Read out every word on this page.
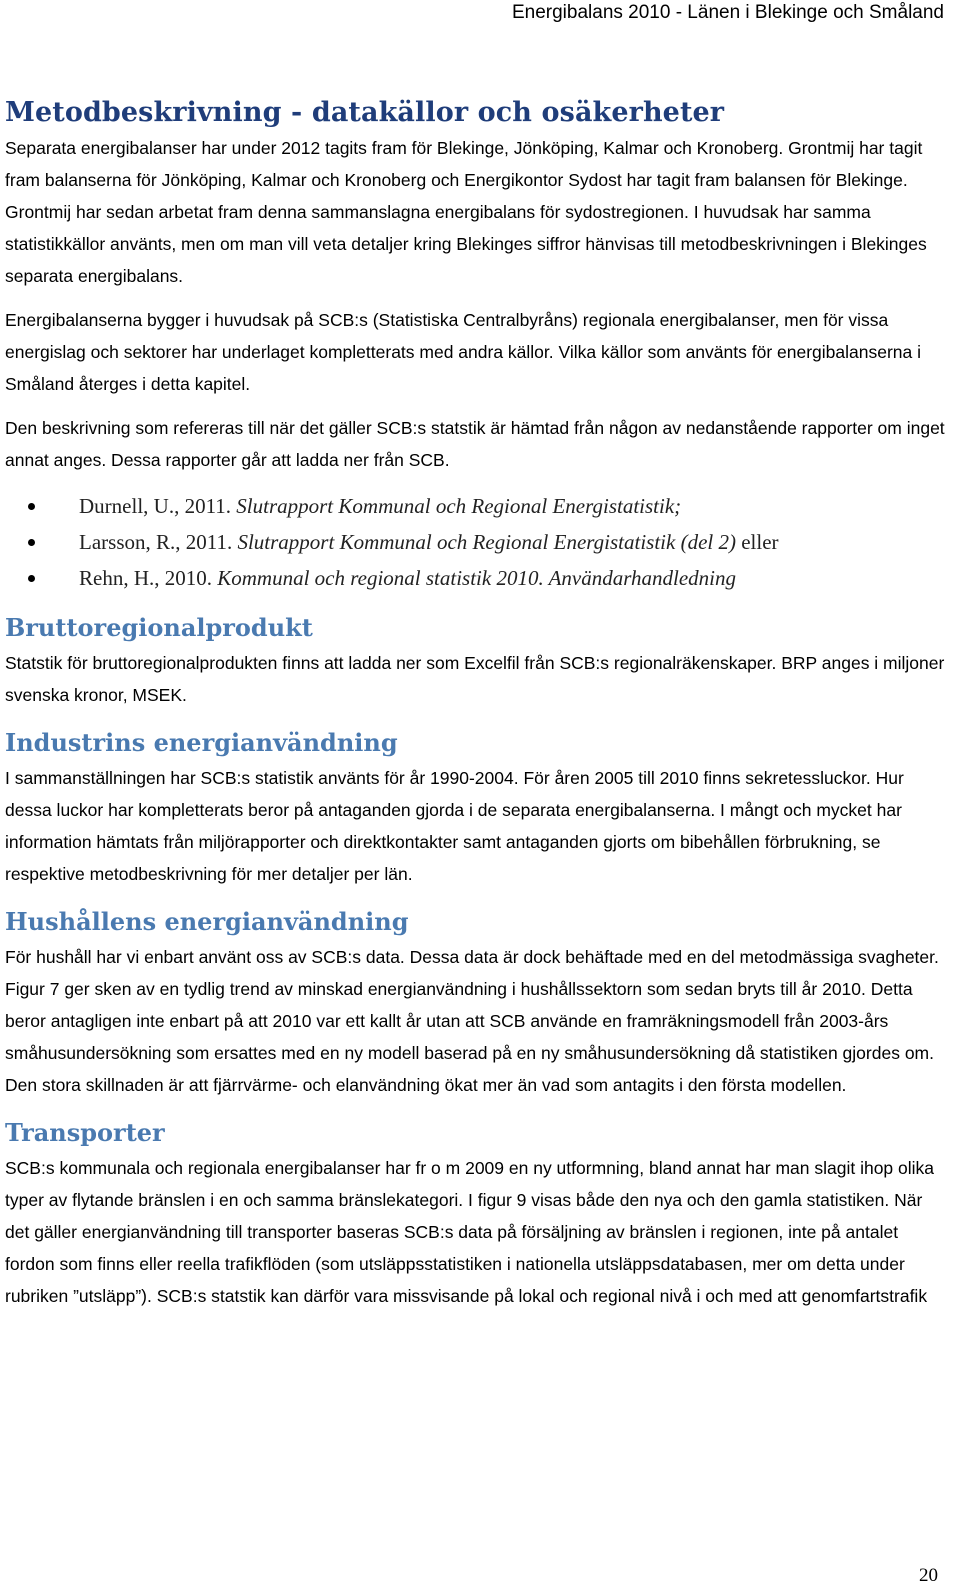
Energibalans 2010 - Länen i Blekinge och Småland
Metodbeskrivning - datakällor och osäkerheter

Separata energibalanser har under 2012 tagits fram för Blekinge, Jönköping, Kalmar och Kronoberg. Grontmij har tagit fram balanserna för Jönköping, Kalmar och Kronoberg och Energikontor Sydost har tagit fram balansen för Blekinge. Grontmij har sedan arbetat fram denna sammanslagna energibalans för sydostregionen. I huvudsak har samma statistikkällor använts, men om man vill veta detaljer kring Blekinges siffror hänvisas till metodbeskrivningen i Blekinges separata energibalans.

Energibalanserna bygger i huvudsak på SCB:s (Statistiska Centralbyråns) regionala energibalanser, men för vissa energislag och sektorer har underlaget kompletterats med andra källor. Vilka källor som använts för energibalanserna i Småland återges i detta kapitel.

Den beskrivning som refereras till när det gäller SCB:s statstik är hämtad från någon av nedanstående rapporter om inget annat anges. Dessa rapporter går att ladda ner från SCB.

Durnell, U., 2011. Slutrapport Kommunal och Regional Energistatistik;
Larsson, R., 2011. Slutrapport Kommunal och Regional Energistatistik (del 2) eller
Rehn, H., 2010. Kommunal och regional statistik 2010. Användarhandledning
Bruttoregionalprodukt

Statstik för bruttoregionalprodukten finns att ladda ner som Excelfil från SCB:s regionalräkenskaper. BRP anges i miljoner svenska kronor, MSEK.

Industrins energianvändning

I sammanställningen har SCB:s statistik använts för år 1990-2004. För åren 2005 till 2010 finns sekretessluckor. Hur dessa luckor har kompletterats beror på antaganden gjorda i de separata energibalanserna. I mångt och mycket har information hämtats från miljörapporter och direktkontakter samt antaganden gjorts om bibehållen förbrukning, se respektive metodbeskrivning för mer detaljer per län.

Hushållens energianvändning

För hushåll har vi enbart använt oss av SCB:s data. Dessa data är dock behäftade med en del metodmässiga svagheter. Figur 7 ger sken av en tydlig trend av minskad energianvändning i hushållssektorn som sedan bryts till år 2010. Detta beror antagligen inte enbart på att 2010 var ett kallt år utan att SCB använde en framräkningsmodell från 2003-års småhusundersökning som ersattes med en ny modell baserad på en ny småhusundersökning då statistiken gjordes om. Den stora skillnaden är att fjärrvärme- och elanvändning ökat mer än vad som antagits i den första modellen.

Transporter

SCB:s kommunala och regionala energibalanser har fr o m 2009 en ny utformning, bland annat har man slagit ihop olika typer av flytande bränslen i en och samma bränslekategori. I figur 9 visas både den nya och den gamla statistiken. När det gäller energianvändning till transporter baseras SCB:s data på försäljning av bränslen i regionen, inte på antalet fordon som finns eller reella trafikflöden (som utsläppsstatistiken i nationella utsläppsdatabasen, mer om detta under rubriken ”utsläpp”). SCB:s statstik kan därför vara missvisande på lokal och regional nivå i och med att genomfartstrafik

20
